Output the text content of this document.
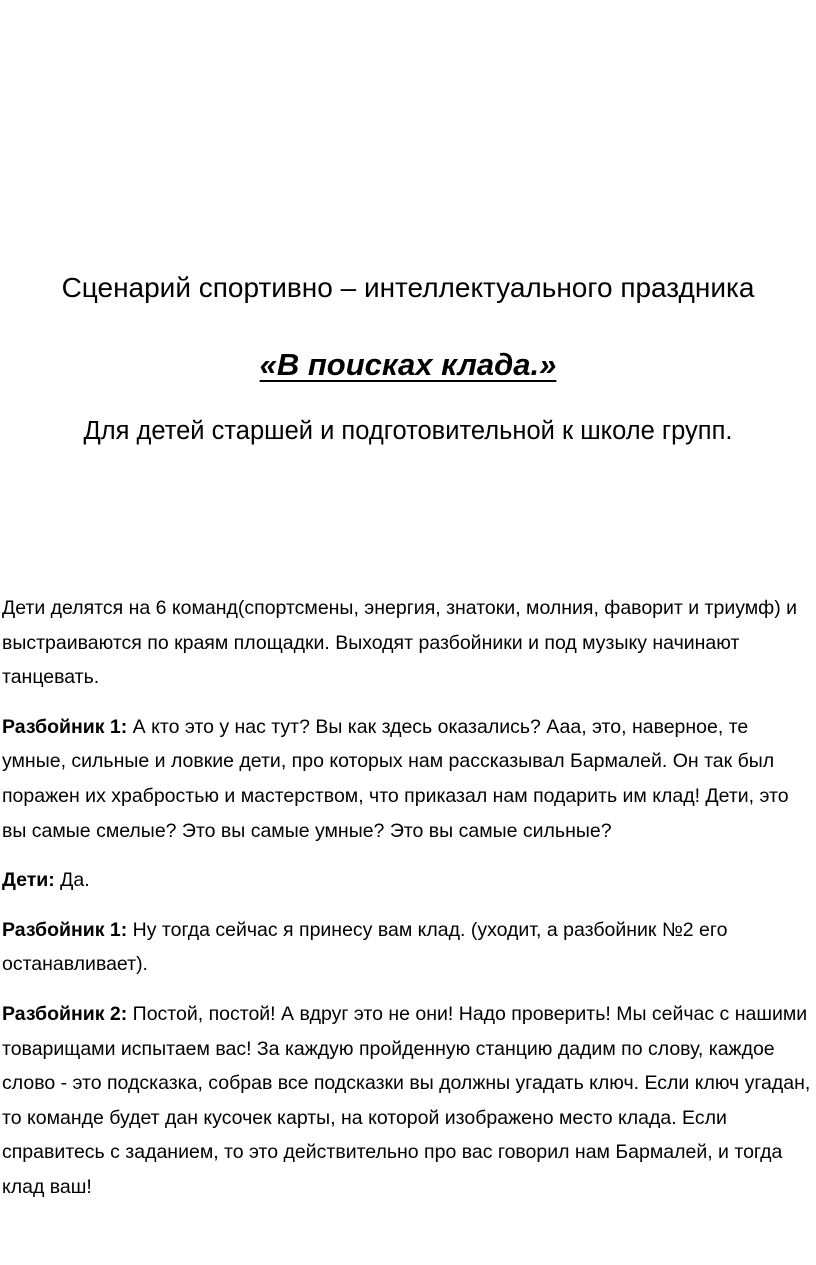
Сценарий спортивно – интеллектуального праздника
«В поисках клада.»
Для детей старшей и подготовительной к школе групп.

Дети делятся на 6 команд(спортсмены, энергия, знатоки, молния, фаворит и триумф) и выстраиваются по краям площадки. Выходят разбойники и под музыку начинают танцевать.

Разбойник 1: А кто это у нас тут? Вы как здесь оказались? Ааа, это, наверное, те умные, сильные и ловкие дети, про которых нам рассказывал Бармалей. Он так был поражен их храбростью и мастерством, что приказал нам подарить им клад! Дети, это вы самые смелые? Это вы самые умные? Это вы самые сильные?

Дети: Да.

Разбойник 1: Ну тогда сейчас я принесу вам клад. (уходит, а разбойник №2 его останавливает).

Разбойник 2: Постой, постой! А вдруг это не они! Надо проверить! Мы сейчас с нашими товарищами испытаем вас! За каждую пройденную станцию дадим по слову, каждое слово - это подсказка, собрав все подсказки вы должны угадать ключ. Если ключ угадан, то команде будет дан кусочек карты, на которой изображено место клада. Если справитесь с заданием, то это действительно про вас говорил нам Бармалей, и тогда клад ваш!
